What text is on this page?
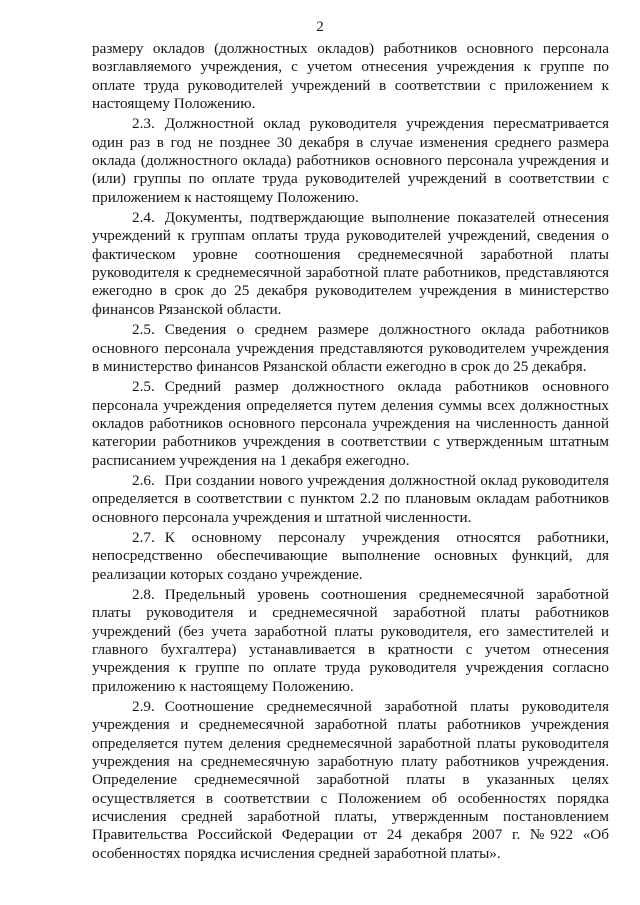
2

размеру окладов (должностных окладов) работников основного персонала возглавляемого учреждения, с учетом отнесения учреждения к группе по оплате труда руководителей учреждений в соответствии с приложением к настоящему Положению.

2.3. Должностной оклад руководителя учреждения пересматривается один раз в год не позднее 30 декабря в случае изменения среднего размера оклада (должностного оклада) работников основного персонала учреждения и (или) группы по оплате труда руководителей учреждений в соответствии с приложением к настоящему Положению.

2.4. Документы, подтверждающие выполнение показателей отнесения учреждений к группам оплаты труда руководителей учреждений, сведения о фактическом уровне соотношения среднемесячной заработной платы руководителя к среднемесячной заработной плате работников, представляются ежегодно в срок до 25 декабря руководителем учреждения в министерство финансов Рязанской области.

2.5. Сведения о среднем размере должностного оклада работников основного персонала учреждения представляются руководителем учреждения в министерство финансов Рязанской области ежегодно в срок до 25 декабря.

2.5. Средний размер должностного оклада работников основного персонала учреждения определяется путем деления суммы всех должностных окладов работников основного персонала учреждения на численность данной категории работников учреждения в соответствии с утвержденным штатным расписанием учреждения на 1 декабря ежегодно.

2.6. При создании нового учреждения должностной оклад руководителя определяется в соответствии с пунктом 2.2 по плановым окладам работников основного персонала учреждения и штатной численности.

2.7. К основному персоналу учреждения относятся работники, непосредственно обеспечивающие выполнение основных функций, для реализации которых создано учреждение.

2.8. Предельный уровень соотношения среднемесячной заработной платы руководителя и среднемесячной заработной платы работников учреждений (без учета заработной платы руководителя, его заместителей и главного бухгалтера) устанавливается в кратности с учетом отнесения учреждения к группе по оплате труда руководителя учреждения согласно приложению к настоящему Положению.

2.9. Соотношение среднемесячной заработной платы руководителя учреждения и среднемесячной заработной платы работников учреждения определяется путем деления среднемесячной заработной платы руководителя учреждения на среднемесячную заработную плату работников учреждения. Определение среднемесячной заработной платы в указанных целях осуществляется в соответствии с Положением об особенностях порядка исчисления средней заработной платы, утвержденным постановлением Правительства Российской Федерации от 24 декабря 2007 г. №922 «Об особенностях порядка исчисления средней заработной платы».
